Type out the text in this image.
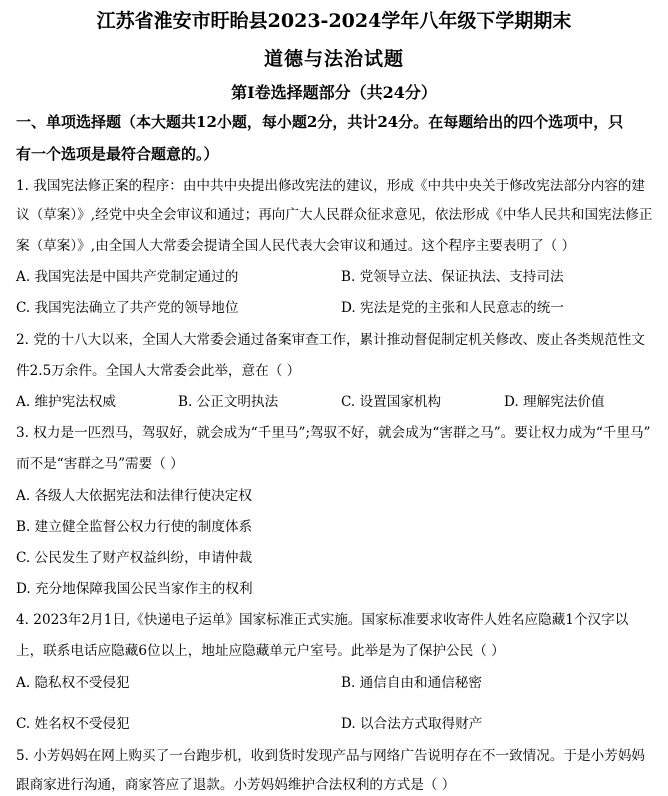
江苏省淮安市盱眙县2023-2024学年八年级下学期期末
道德与法治试题
第I卷选择题部分（共24分）
一、单项选择题（本大题共12小题，每小题2分，共计24分。在每题给出的四个选项中，只
有一个选项是最符合题意的。）
1. 我国宪法修正案的程序：由中共中央提出修改宪法的建议，形成《中共中央关于修改宪法部分内容的建
议（草案）》,经党中央全会审议和通过；再向广大人民群众征求意见，依法形成《中华人民共和国宪法修正
案（草案）》,由全国人大常委会提请全国人民代表大会审议和通过。这个程序主要表明了（ ）
A. 我国宪法是中国共产党制定通过的	B. 党领导立法、保证执法、支持司法
C. 我国宪法确立了共产党的领导地位	D. 宪法是党的主张和人民意志的统一
2. 党的十八大以来，全国人大常委会通过备案审查工作，累计推动督促制定机关修改、废止各类规范性文
件2.5万余件。全国人大常委会此举，意在（ ）
A. 维护宪法权威	B. 公正文明执法	C. 设置国家机构	D. 理解宪法价值
3. 权力是一匹烈马，驾驭好，就会成为“千里马”;驾驭不好，就会成为“害群之马”。要让权力成为“千里马”
而不是“害群之马”需要（ ）
A. 各级人大依据宪法和法律行使决定权
B. 建立健全监督公权力行使的制度体系
C. 公民发生了财产权益纠纷，申请仲裁
D. 充分地保障我国公民当家作主的权利
4. 2023年2月1日,《快递电子运单》国家标准正式实施。国家标准要求收寄件人姓名应隐藏1个汉字以
上，联系电话应隐藏6位以上，地址应隐藏单元户室号。此举是为了保护公民（ ）
A. 隐私权不受侵犯	B. 通信自由和通信秘密
C. 姓名权不受侵犯	D. 以合法方式取得财产
5. 小芳妈妈在网上购买了一台跑步机，收到货时发现产品与网络广告说明存在不一致情况。于是小芳妈妈
跟商家进行沟通，商家答应了退款。小芳妈妈维护合法权利的方式是（ ）
